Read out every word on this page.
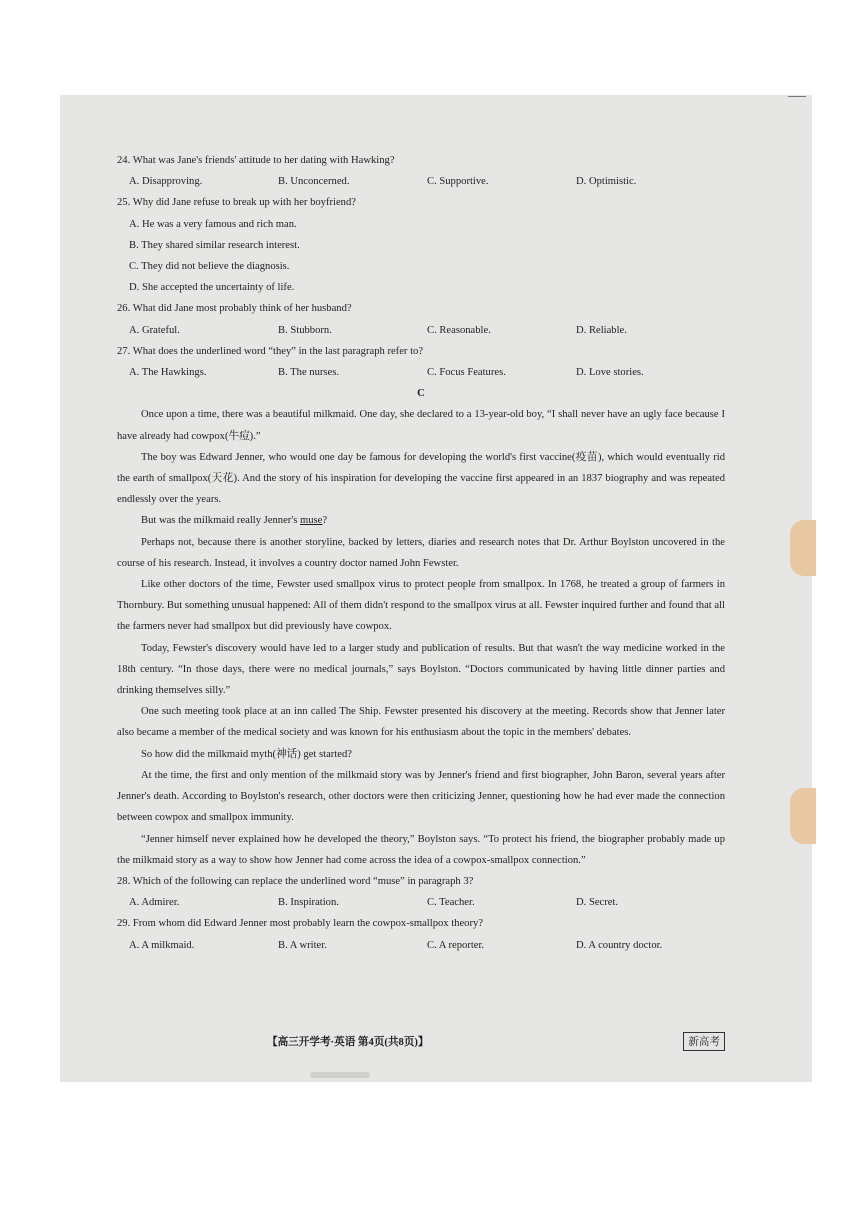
24. What was Jane's friends' attitude to her dating with Hawking?

A. Disapproving.	B. Unconcerned.	C. Supportive.	D. Optimistic.

25. Why did Jane refuse to break up with her boyfriend?

A. He was a very famous and rich man.

B. They shared similar research interest.

C. They did not believe the diagnosis.

D. She accepted the uncertainty of life.

26. What did Jane most probably think of her husband?

A. Grateful.	B. Stubborn.	C. Reasonable.	D. Reliable.

27. What does the underlined word “they” in the last paragraph refer to?

A. The Hawkings.	B. The nurses.	C. Focus Features.	D. Love stories.

C

Once upon a time, there was a beautiful milkmaid. One day, she declared to a 13-year-old boy, “I shall never have an ugly face because I have already had cowpox(牛痘).”

The boy was Edward Jenner, who would one day be famous for developing the world's first vaccine(疫苗), which would eventually rid the earth of smallpox(天花). And the story of his inspiration for developing the vaccine first appeared in an 1837 biography and was repeated endlessly over the years.

But was the milkmaid really Jenner's muse?

Perhaps not, because there is another storyline, backed by letters, diaries and research notes that Dr. Arthur Boylston uncovered in the course of his research. Instead, it involves a country doctor named John Fewster.

Like other doctors of the time, Fewster used smallpox virus to protect people from smallpox. In 1768, he treated a group of farmers in Thornbury. But something unusual happened: All of them didn't respond to the smallpox virus at all. Fewster inquired further and found that all the farmers never had smallpox but did previously have cowpox.

Today, Fewster's discovery would have led to a larger study and publication of results. But that wasn't the way medicine worked in the 18th century. “In those days, there were no medical journals,” says Boylston. “Doctors communicated by having little dinner parties and drinking themselves silly.”

One such meeting took place at an inn called The Ship. Fewster presented his discovery at the meeting. Records show that Jenner later also became a member of the medical society and was known for his enthusiasm about the topic in the members' debates.

So how did the milkmaid myth(神话) get started?

At the time, the first and only mention of the milkmaid story was by Jenner's friend and first biographer, John Baron, several years after Jenner's death. According to Boylston's research, other doctors were then criticizing Jenner, questioning how he had ever made the connection between cowpox and smallpox immunity.

“Jenner himself never explained how he developed the theory,” Boylston says. “To protect his friend, the biographer probably made up the milkmaid story as a way to show how Jenner had come across the idea of a cowpox-smallpox connection.”

28. Which of the following can replace the underlined word “muse” in paragraph 3?

A. Admirer.	B. Inspiration.	C. Teacher.	D. Secret.

29. From whom did Edward Jenner most probably learn the cowpox-smallpox theory?

A. A milkmaid.	B. A writer.	C. A reporter.	D. A country doctor.
【高三开学考·英语 第4页(共8页)】	新高考
